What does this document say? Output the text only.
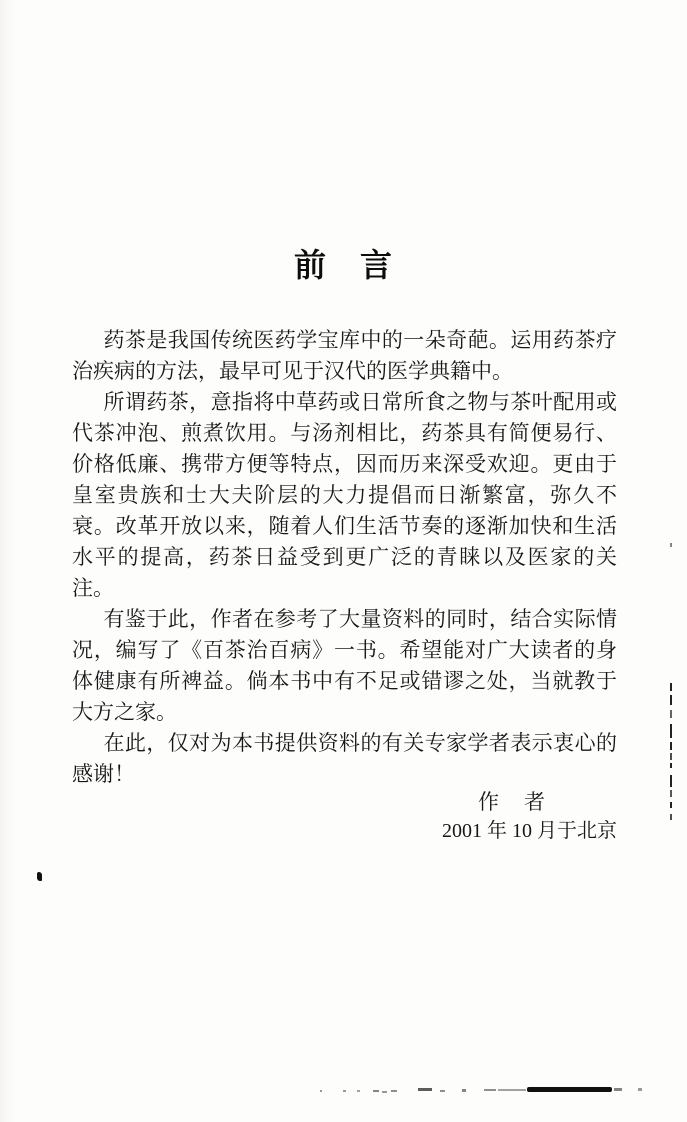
前　言

药茶是我国传统医药学宝库中的一朵奇葩。运用药茶疗治疾病的方法，最早可见于汉代的医学典籍中。

所谓药茶，意指将中草药或日常所食之物与茶叶配用或代茶冲泡、煎煮饮用。与汤剂相比，药茶具有简便易行、价格低廉、携带方便等特点，因而历来深受欢迎。更由于皇室贵族和士大夫阶层的大力提倡而日渐繁富，弥久不衰。改革开放以来，随着人们生活节奏的逐渐加快和生活水平的提高，药茶日益受到更广泛的青睐以及医家的关注。

有鉴于此，作者在参考了大量资料的同时，结合实际情况，编写了《百茶治百病》一书。希望能对广大读者的身体健康有所裨益。倘本书中有不足或错谬之处，当就教于大方之家。

在此，仅对为本书提供资料的有关专家学者表示衷心的感谢！

作　者
2001 年 10 月于北京
